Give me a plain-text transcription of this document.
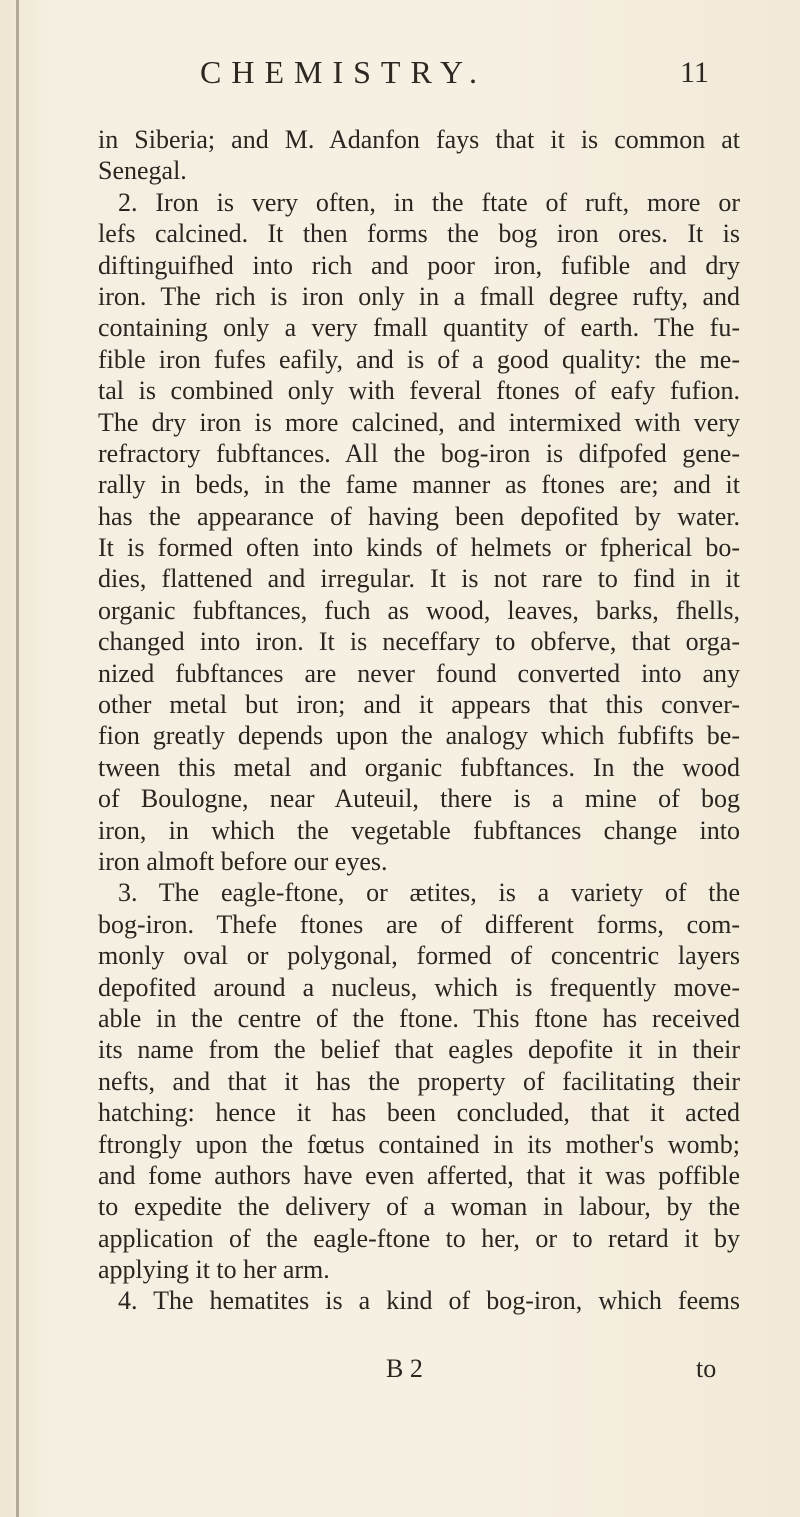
CHEMISTRY.	11
in Siberia; and M. Adanfon fays that it is common at
Senegal.
2. Iron is very often, in the ftate of ruft, more or
lefs calcined. It then forms the bog iron ores. It is
diftinguifhed into rich and poor iron, fufible and dry
iron. The rich is iron only in a fmall degree rufty, and
containing only a very fmall quantity of earth. The fu-
fible iron fufes eafily, and is of a good quality: the me-
tal is combined only with feveral ftones of eafy fufion.
The dry iron is more calcined, and intermixed with very
refractory fubftances. All the bog-iron is difpofed gene-
rally in beds, in the fame manner as ftones are; and it
has the appearance of having been depofited by water.
It is formed often into kinds of helmets or fpherical bo-
dies, flattened and irregular. It is not rare to find in it
organic fubftances, fuch as wood, leaves, barks, fhells,
changed into iron. It is neceffary to obferve, that orga-
nized fubftances are never found converted into any
other metal but iron; and it appears that this conver-
fion greatly depends upon the analogy which fubfifts be-
tween this metal and organic fubftances. In the wood
of Boulogne, near Auteuil, there is a mine of bog
iron, in which the vegetable fubftances change into
iron almoft before our eyes.
3. The eagle-ftone, or ætites, is a variety of the
bog-iron. Thefe ftones are of different forms, com-
monly oval or polygonal, formed of concentric layers
depofited around a nucleus, which is frequently move-
able in the centre of the ftone. This ftone has received
its name from the belief that eagles depofite it in their
nefts, and that it has the property of facilitating their
hatching: hence it has been concluded, that it acted
ftrongly upon the fœtus contained in its mother's womb;
and fome authors have even afferted, that it was poffible
to expedite the delivery of a woman in labour, by the
application of the eagle-ftone to her, or to retard it by
applying it to her arm.
4. The hematites is a kind of bog-iron, which feems
B 2	to
